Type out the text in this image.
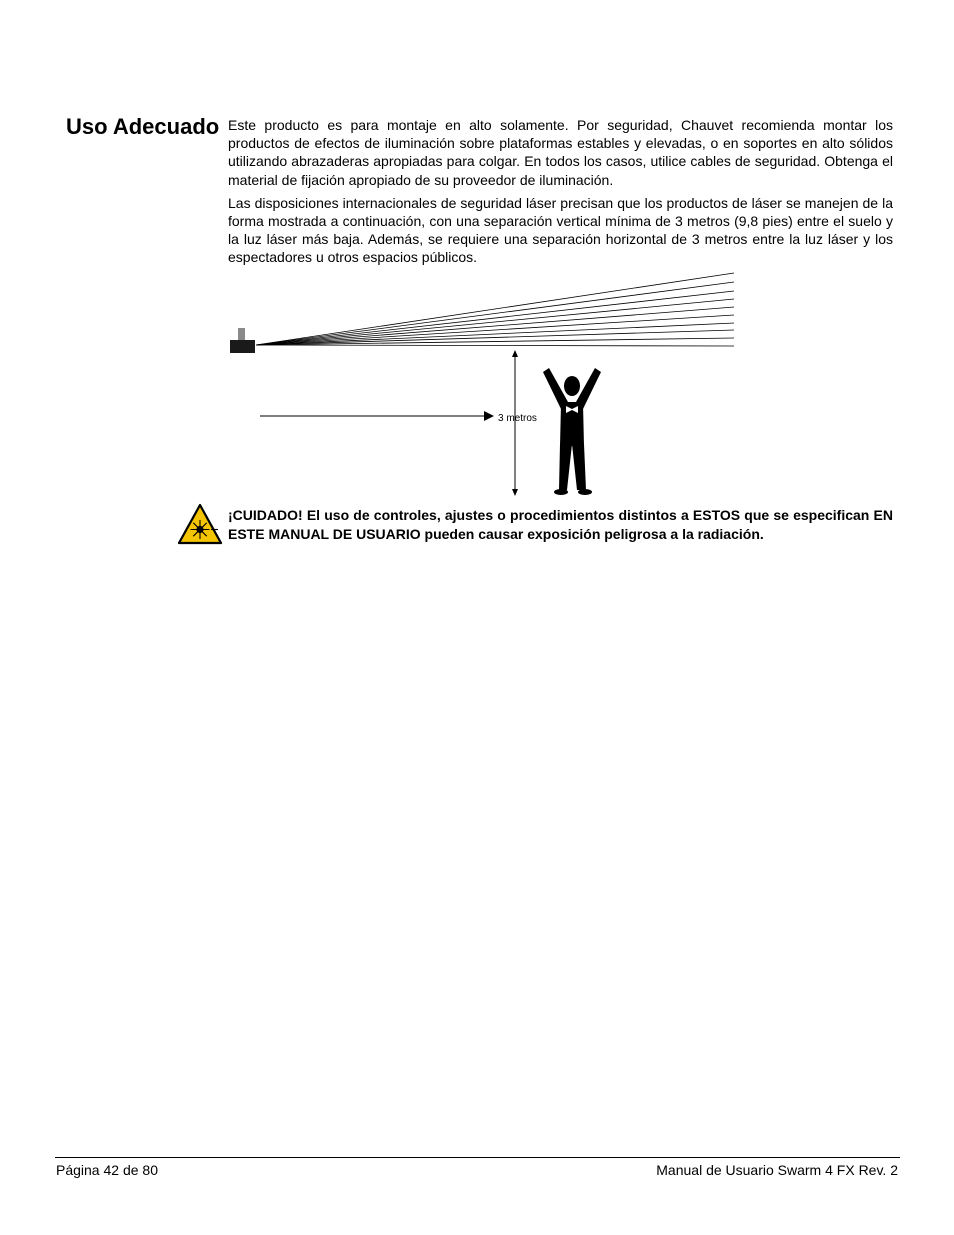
Uso Adecuado Este producto es para montaje en alto solamente. Por seguridad, Chauvet recomienda montar los productos de efectos de iluminación sobre plataformas estables y elevadas, o en soportes en alto sólidos utilizando abrazaderas apropiadas para colgar. En todos los casos, utilice cables de seguridad. Obtenga el material de fijación apropiado de su proveedor de iluminación.

Las disposiciones internacionales de seguridad láser precisan que los productos de láser se manejen de la forma mostrada a continuación, con una separación vertical mínima de 3 metros (9,8 pies) entre el suelo y la luz láser más baja. Además, se requiere una separación horizontal de 3 metros entre la luz láser y los espectadores u otros espacios públicos.

3 metros

¡CUIDADO! El uso de controles, ajustes o procedimientos distintos a ESTOS que se especifican EN ESTE MANUAL DE USUARIO pueden causar exposición peligrosa a la radiación.

Página 42 de 80	Manual de Usuario Swarm 4 FX Rev. 2
